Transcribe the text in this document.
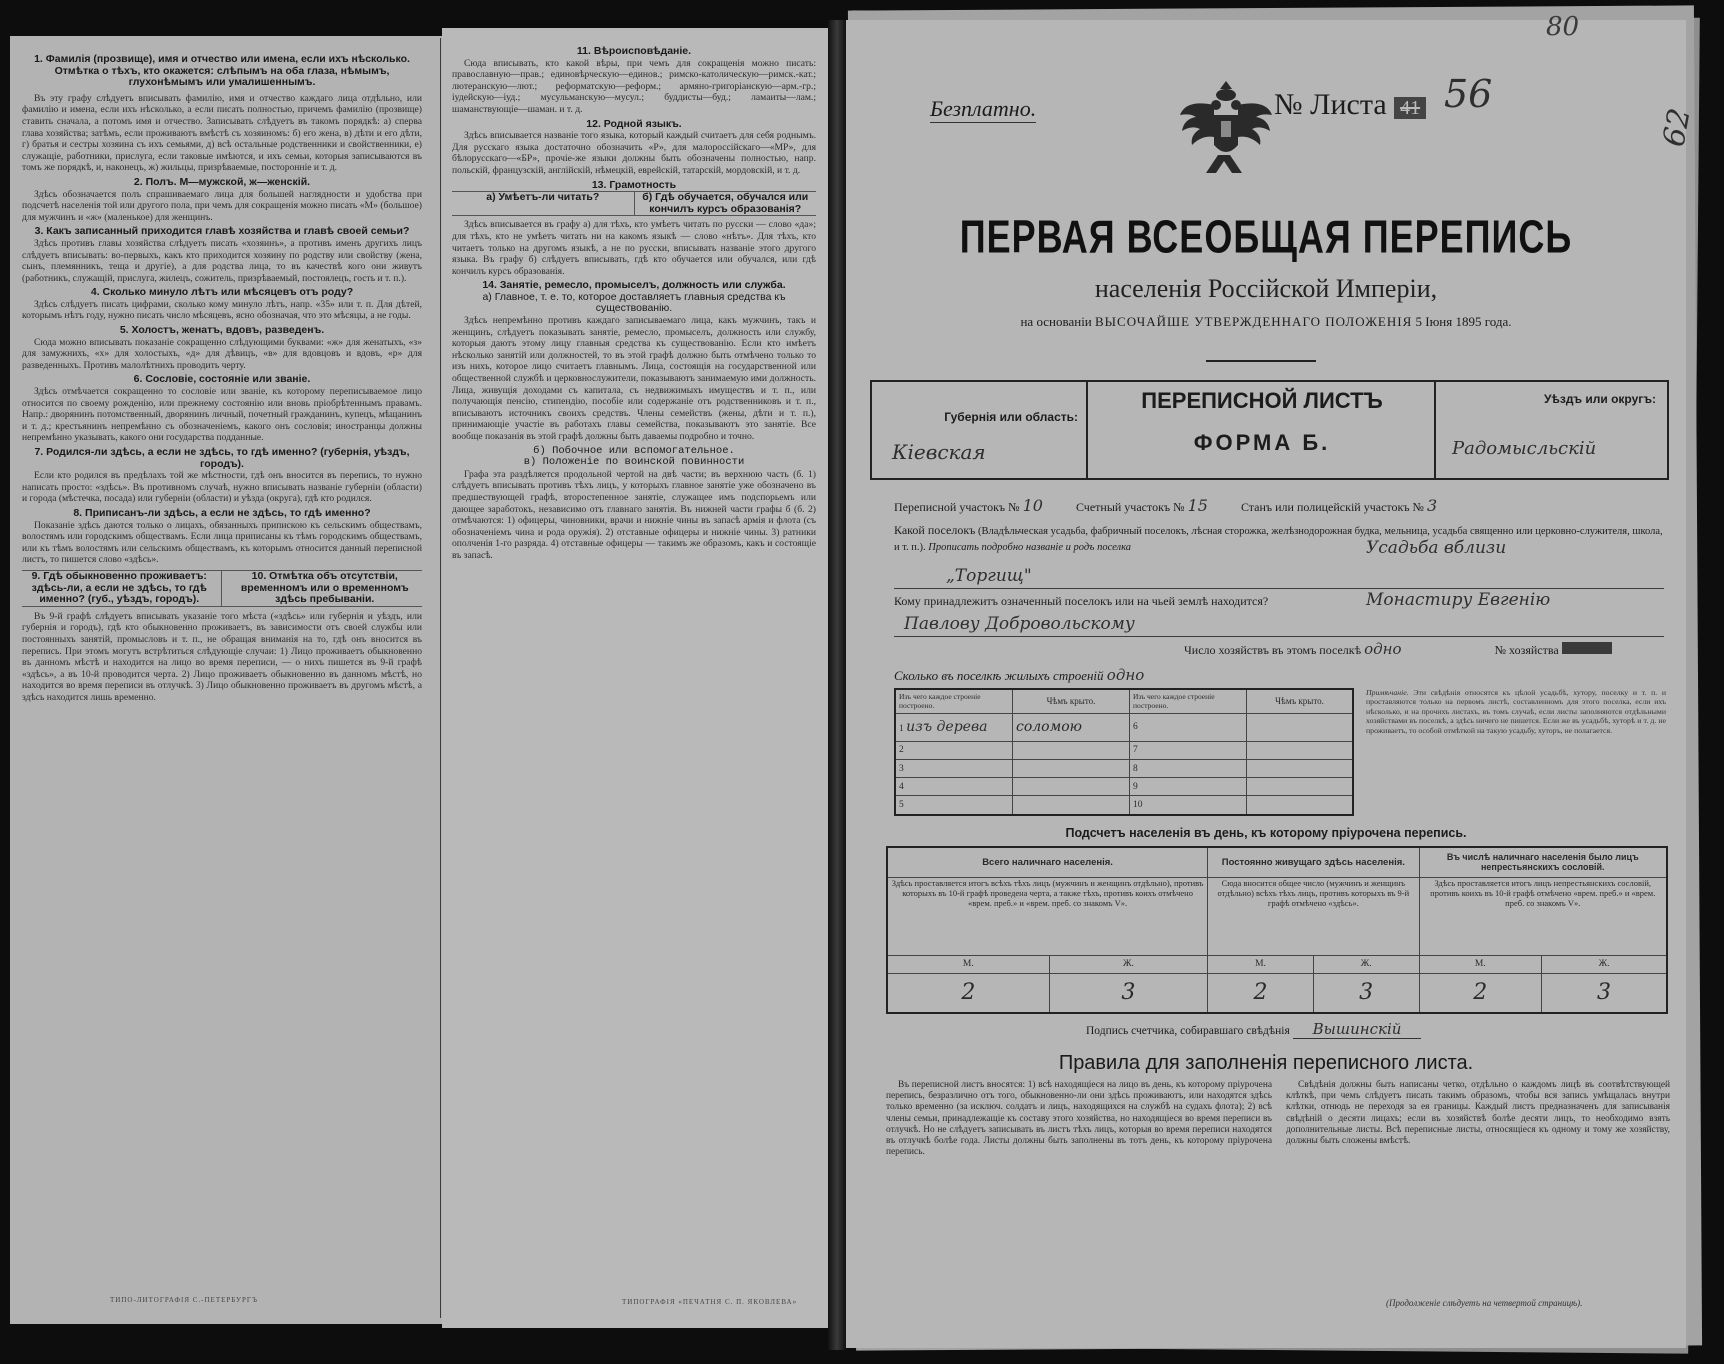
1. Фамилія (прозвище), имя и отчество или имена, если ихъ нѣсколько.
Отмѣтка о тѣхъ, кто окажется: слѣпымъ на оба глаза, нѣмымъ, глухонѣмымъ или умалишеннымъ.

Въ эту графу слѣдуетъ вписывать фамилію, имя и отчество каждаго лица отдѣльно, или фамилію и имена, если ихъ нѣсколько, а если писать полностью, причемъ фамилію (прозвище) ставить сначала, а потомъ имя и отчество. Записывать слѣдуетъ въ такомъ порядкѣ: а) сперва глава хозяйства; затѣмъ, если проживаютъ вмѣстѣ съ хозяиномъ: б) его жена, в) дѣти и его дѣти, г) братья и сестры хозяина съ ихъ семьями, д) всѣ остальные родственники и свойственники, е) служащіе, работники, прислуга, если таковые имѣются, и ихъ семьи, которыя записываются въ томъ же порядкѣ, и, наконецъ, ж) жильцы, призрѣваемые, посторонніе и т. д.

2. Полъ. М—мужской, ж—женскій.

Здѣсь обозначается полъ спрашиваемаго лица для большей наглядности и удобства при подсчетѣ населенія той или другого пола, при чемъ для сокращенія можно писать «М» (большое) для мужчинъ и «ж» (маленькое) для женщинъ.

3. Какъ записанный приходится главѣ хозяйства и главѣ своей семьи?

Здѣсь противъ главы хозяйства слѣдуетъ писать «хозяинъ», а противъ именъ другихъ лицъ слѣдуетъ вписывать: во-первыхъ, какъ кто приходится хозяину по родству или свойству (жена, сынъ, племянникъ, теща и другіе), а для родства лица, то въ качествѣ кого они живутъ (работникъ, служащій, прислуга, жилецъ, сожитель, призрѣваемый, постоялецъ, гость и т. п.).

4. Сколько минуло лѣтъ или мѣсяцевъ отъ роду?

Здѣсь слѣдуетъ писать цифрами, сколько кому минуло лѣтъ, напр. «35» или т. п. Для дѣтей, которымъ нѣтъ году, нужно писать число мѣсяцевъ, ясно обозначая, что это мѣсяцы, а не годы.

5. Холостъ, женатъ, вдовъ, разведенъ.

Сюда можно вписывать показаніе сокращенно слѣдующими буквами: «ж» для женатыхъ, «з» для замужнихъ, «х» для холостыхъ, «д» для дѣвицъ, «в» для вдовцовъ и вдовъ, «р» для разведенныхъ. Противъ малолѣтнихъ проводить черту.

6. Сословіе, состояніе или званіе.

Здѣсь отмѣчается сокращенно то сословіе или званіе, къ которому переписываемое лицо относится по своему рожденію, или прежнему состоянію или вновь пріобрѣтеннымъ правамъ. Напр.: дворянинъ потомственный, дворянинъ личный, почетный гражданинъ, купецъ, мѣщанинъ и т. д.; крестьянинъ непремѣнно съ обозначеніемъ, какого онъ сословія; иностранцы должны непремѣнно указывать, какого они государства подданные.

7. Родился-ли здѣсь, а если не здѣсь, то гдѣ именно? (губернія, уѣздъ, городъ).

Если кто родился въ предѣлахъ той же мѣстности, гдѣ онъ вносится въ перепись, то нужно написать просто: «здѣсь». Въ противномъ случаѣ, нужно вписывать названіе губерніи (области) и города (мѣстечка, посада) или губерніи (области) и уѣзда (округа), гдѣ кто родился.

8. Приписанъ-ли здѣсь, а если не здѣсь, то гдѣ именно?

Показаніе здѣсь даются только о лицахъ, обязанныхъ припискою къ сельскимъ обществамъ, волостямъ или городскимъ обществамъ. Если лица приписаны къ тѣмъ городскимъ обществамъ, или къ тѣмъ волостямъ или сельскимъ обществамъ, къ которымъ относится данный переписной листъ, то пишется слово «здѣсь».

9. Гдѣ обыкновенно проживаетъ: здѣсь-ли, а если не здѣсь, то гдѣ именно? (губ., уѣздъ, городъ).
10. Отмѣтка объ отсутствіи, временномъ или о временномъ здѣсь пребываніи.

Въ 9-й графѣ слѣдуетъ вписывать указаніе того мѣста («здѣсь» или губернія и уѣздъ, или губернія и городъ), гдѣ кто обыкновенно проживаетъ, въ зависимости отъ своей службы или постоянныхъ занятій, промысловъ и т. п., не обращая вниманія на то, гдѣ онъ вносится въ перепись. При этомъ могутъ встрѣтиться слѣдующіе случаи: 1) Лицо проживаетъ обыкновенно въ данномъ мѣстѣ и находится на лицо во время переписи, — о нихъ пишется въ 9-й графѣ «здѣсь», а въ 10-й проводится черта. 2) Лицо проживаетъ обыкновенно въ данномъ мѣстѣ, но находится во время переписи въ отлучкѣ. 3) Лицо обыкновенно проживаетъ въ другомъ мѣстѣ, а здѣсь находится лишь временно.

ТИПО-ЛИТОГРАФІЯ С.-ПЕТЕРБУРГЪ
11. Вѣроисповѣданіе.

Сюда вписывать, кто какой вѣры, при чемъ для сокращенія можно писать: православную—прав.; единовѣрческую—единов.; римско-католическую—римск.-кат.; лютеранскую—лют.; реформатскую—реформ.; армяно-григоріанскую—арм.-гр.; іудейскую—іуд.; мусульманскую—мусул.; буддисты—буд.; ламаиты—лам.; шаманствующіе—шаман. и т. д.

12. Родной языкъ.

Здѣсь вписывается названіе того языка, который каждый считаетъ для себя роднымъ. Для русскаго языка достаточно обозначить «Р», для малороссійскаго—«МР», для бѣлорусскаго—«БР», прочіе-же языки должны быть обозначены полностью, напр. польскій, французскій, англійскій, нѣмецкій, еврейскій, татарскій, мордовскій, и т. д.

13. Грамотность
а) Умѣетъ-ли читать?	б) Гдѣ обучается, обучался или кончилъ курсъ образованія?

Здѣсь вписывается въ графу а) для тѣхъ, кто умѣетъ читать по русски — слово «да»; для тѣхъ, кто не умѣетъ читать ни на какомъ языкѣ — слово «нѣтъ». Для тѣхъ, кто читаетъ только на другомъ языкѣ, а не по русски, вписывать названіе этого другого языка. Въ графу б) слѣдуетъ вписывать, гдѣ кто обучается или обучался, или гдѣ кончилъ курсъ образованія.

14. Занятіе, ремесло, промыселъ, должность или служба.
а) Главное, т. е. то, которое доставляетъ главныя средства къ существованію.

Здѣсь непремѣнно противъ каждаго записываемаго лица, какъ мужчинъ, такъ и женщинъ, слѣдуетъ показывать занятіе, ремесло, промыселъ, должность или службу, которыя даютъ этому лицу главныя средства къ существованію. Если кто имѣетъ нѣсколько занятій или должностей, то въ этой графѣ должно быть отмѣчено только то изъ нихъ, которое лицо считаетъ главнымъ. Лица, состоящія на государственной или общественной службѣ и церковнослужители, показываютъ занимаемую ими должность. Лица, живущія доходами съ капитала, съ недвижимыхъ имуществъ и т. п., или получающія пенсію, стипендію, пособіе или содержаніе отъ родственниковъ и т. п., вписываютъ источникъ своихъ средствъ. Члены семействъ (жены, дѣти и т. п.), принимающіе участіе въ работахъ главы семейства, показываютъ это занятіе. Все вообще показанія въ этой графѣ должны быть даваемы подробно и точно.

б) Побочное или вспомогательное.
в) Положеніе по воинской повинности

Графа эта раздѣляется продольной чертой на двѣ части; въ верхнюю часть (б. 1) слѣдуетъ вписывать противъ тѣхъ лицъ, у которыхъ главное занятіе уже обозначено въ предшествующей графѣ, второстепенное занятіе, служащее имъ подспорьемъ или дающее заработокъ, независимо отъ главнаго занятія. Въ нижней части графы б (б. 2) отмѣчаются: 1) офицеры, чиновники, врачи и нижніе чины въ запасѣ армія и флота (съ обозначеніемъ чина и рода оружія). 2) отставные офицеры и нижніе чины. 3) ратники ополченія 1-го разряда. 4) отставные офицеры — такимъ же образомъ, какъ и состоящіе въ запасѣ.

ТИПОГРАФІЯ «ПЕЧАТНЯ С. П. ЯКОВЛЕВА»
80
56
62
Безплатно.	№ Листа 41
ПЕРВАЯ ВСЕОБЩАЯ ПЕРЕПИСЬ
населенія Россійской Имперіи,
на основаніи ВЫСОЧАЙШЕ УТВЕРЖДЕННАГО ПОЛОЖЕНІЯ 5 Іюня 1895 года.
Губернія или область:
Кіевская
ПЕРЕПИСНОЙ ЛИСТЪ
ФОРМА Б.
Уѣздъ или округъ:
Радомысльскій
Переписной участокъ № 10	Счетный участокъ № 15	Станъ или полицейскій участокъ № 3
Какой поселокъ (Владѣльческая усадьба, фабричный поселокъ, лѣсная сторожка, желѣзнодорожная будка, мельница, усадьба священно или церковно-служителя, школа, и т. п.). Прописать подробно названіе и родъ поселка	Усадьба вблизи
„Торгищ"
Кому принадлежитъ означенный поселокъ или на чьей землѣ находится?	Монастиру Евгенію
Павлову Добровольскому
Число хозяйствъ въ этомъ поселкѣ одно	№ хозяйства
Сколько въ поселкѣ жилыхъ строеній одно
Изъ чего каждое строеніе построено.	Чѣмъ крыто.	Изъ чего каждое строеніе построено.	Чѣмъ крыто.
1 изъ дерева	соломою	6	
2		7	
3		8	
4		9	
5		10	
Примѣчаніе. Эти свѣдѣнія относятся къ цѣлой усадьбѣ, хутору, поселку и т. п. и проставляются только на первомъ листѣ, составленномъ для этого поселка, если ихъ нѣсколько, и на прочихъ листахъ, въ томъ случаѣ, если листы заполняются отдѣльными хозяйствами въ поселкѣ, а здѣсь ничего не пишется. Если же въ усадьбѣ, хуторѣ и т. д. не проживаетъ, то особой отмѣткой на такую усадьбу, хуторъ, не полагается.
Подсчетъ населенія въ день, къ которому пріурочена перепись.
Всего наличнаго населенія.		Постоянно живущаго здѣсь населенія.		Въ числѣ наличнаго населенія было лицъ непрестьянскихъ сословій.	
Здѣсь проставляется итогъ всѣхъ тѣхъ лицъ (мужчинъ и женщинъ отдѣльно), противъ которыхъ въ 10-й графѣ проведена черта, а также тѣхъ, противъ коихъ отмѣчено «врем. преб.» и «врем. преб. со знакомъ V».		Сюда вносится общее число (мужчинъ и женщинъ отдѣльно) всѣхъ тѣхъ лицъ, противъ которыхъ въ 9-й графѣ отмѣчено «здѣсь».		Здѣсь проставляется итогъ лицъ непрестьянскихъ сословій, противъ коихъ въ 10-й графѣ отмѣчено «врем. преб.» и «врем. преб. со знакомъ V».	
М.	Ж.	М.	Ж.	М.	Ж.
2	3	2	3	2	3
Подпись счетчика, собиравшаго свѣдѣнія Вышинскій
Правила для заполненія переписного листа.
Въ переписной листъ вносятся: 1) всѣ находящіеся на лицо въ день, къ которому пріурочена перепись, безразлично отъ того, обыкновенно-ли они здѣсь проживаютъ, или находятся здѣсь только временно (за исключ. солдатъ и лицъ, находящихся на службѣ на судахъ флота); 2) всѣ члены семьи, принадлежащіе къ составу этого хозяйства, но находящіеся во время переписи въ отлучкѣ. Но не слѣдуетъ записывать въ листъ тѣхъ лицъ, которыя во время переписи находятся въ отлучкѣ болѣе года. Листы должны быть заполнены въ тотъ день, къ которому пріурочена перепись.
Свѣдѣнія должны быть написаны четко, отдѣльно о каждомъ лицѣ въ соотвѣтствующей клѣткѣ, при чемъ слѣдуетъ писать такимъ образомъ, чтобы вся запись умѣщалась внутри клѣтки, отнюдь не переходя за ея границы. Каждый листъ предназначенъ для записыванія свѣдѣній о десяти лицахъ; если въ хозяйствѣ болѣе десяти лицъ, то необходимо взять дополнительные листы. Всѣ переписные листы, относящіеся къ одному и тому же хозяйству, должны быть сложены вмѣстѣ.
(Продолженіе слѣдуетъ на четвертой страницѣ).
